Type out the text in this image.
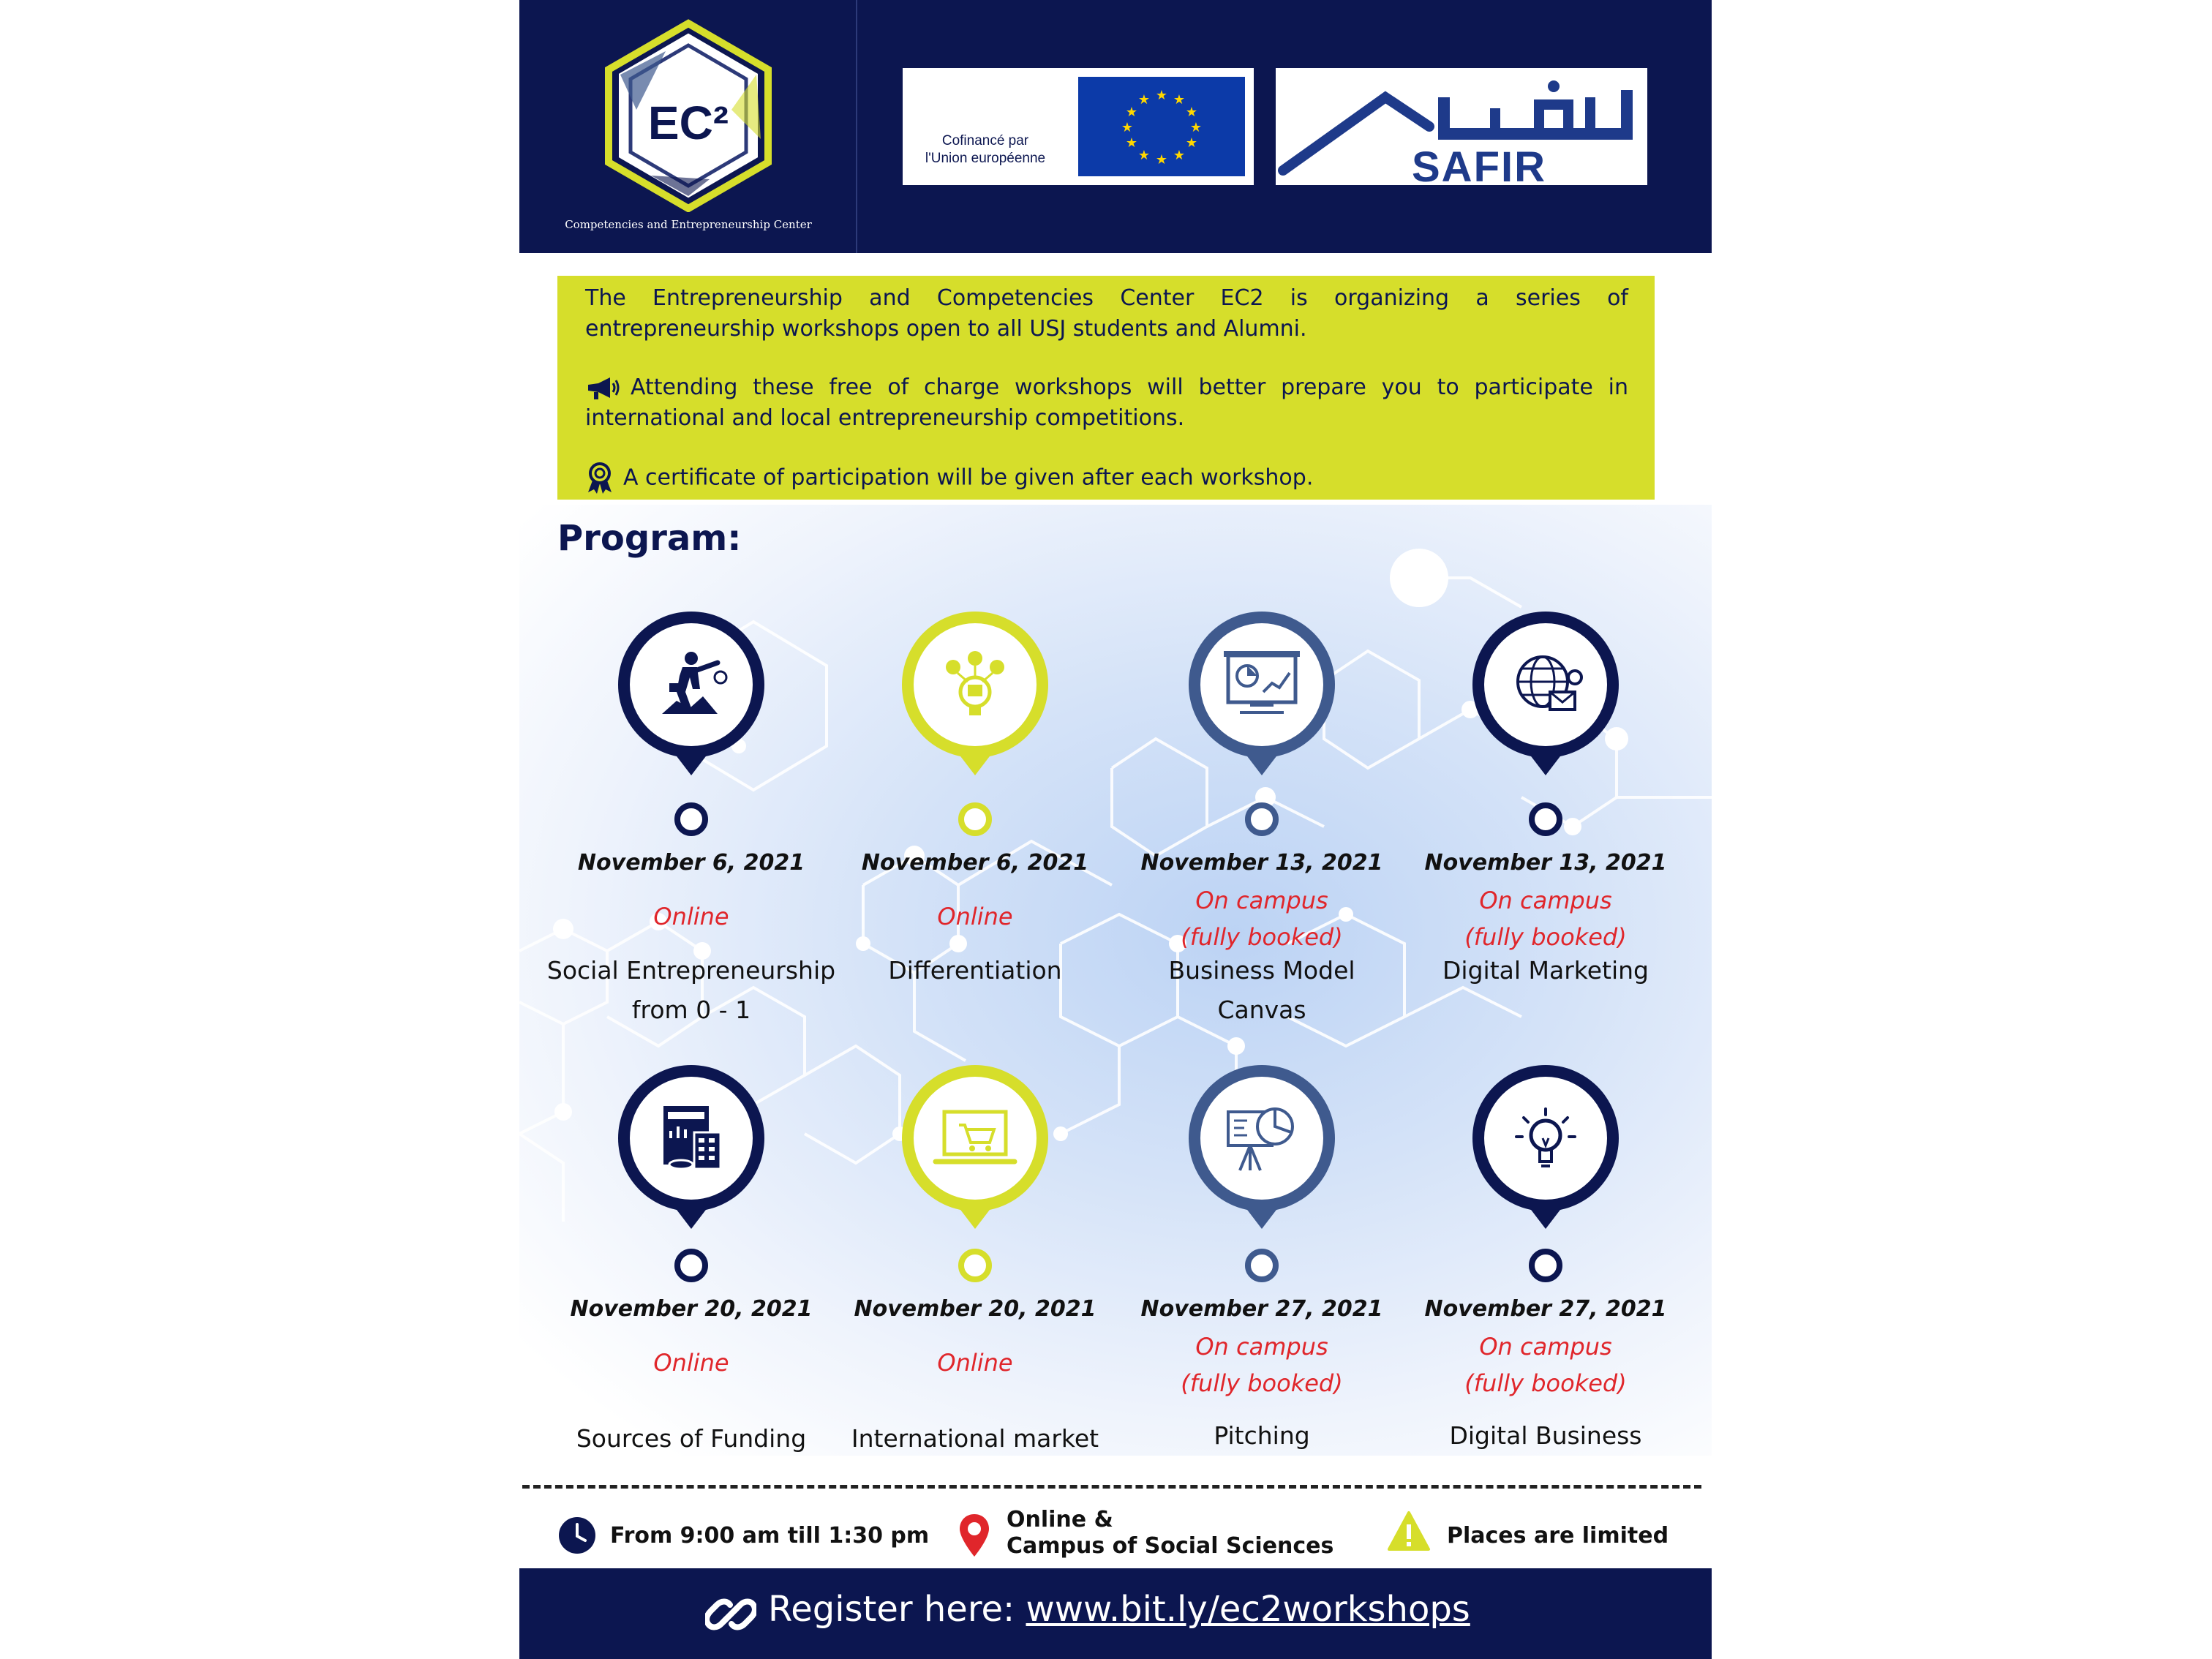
EC²
Competencies and Entrepreneurship Center
Cofinancé par
l'Union européenne
★ ★
★
★
★
★
★
★
★
★
★
★
SAFIR

The Entrepreneurship and Competencies Center EC2 is organizing a series of entrepreneurship workshops open to all USJ students and Alumni.

Attending these free of charge workshops will better prepare you to participate in international and local entrepreneurship competitions.

A certificate of participation will be given after each workshop.

Program:
November 6, 2021
Online
Social Entrepreneurship
from 0 - 1
November 6, 2021
Online
Differentiation
November 13, 2021
On campus
(fully booked)
Business Model
Canvas
November 13, 2021
On campus
(fully booked)
Digital Marketing
November 20, 2021
Online
Sources of Funding
November 20, 2021
Online
International market
November 27, 2021
On campus
(fully booked)
Pitching
November 27, 2021
On campus
(fully booked)
Digital Business
From 9:00 am till 1:30 pm
Online &
Campus of Social Sciences	Places are limited
Register here: www.bit.ly/ec2workshops
